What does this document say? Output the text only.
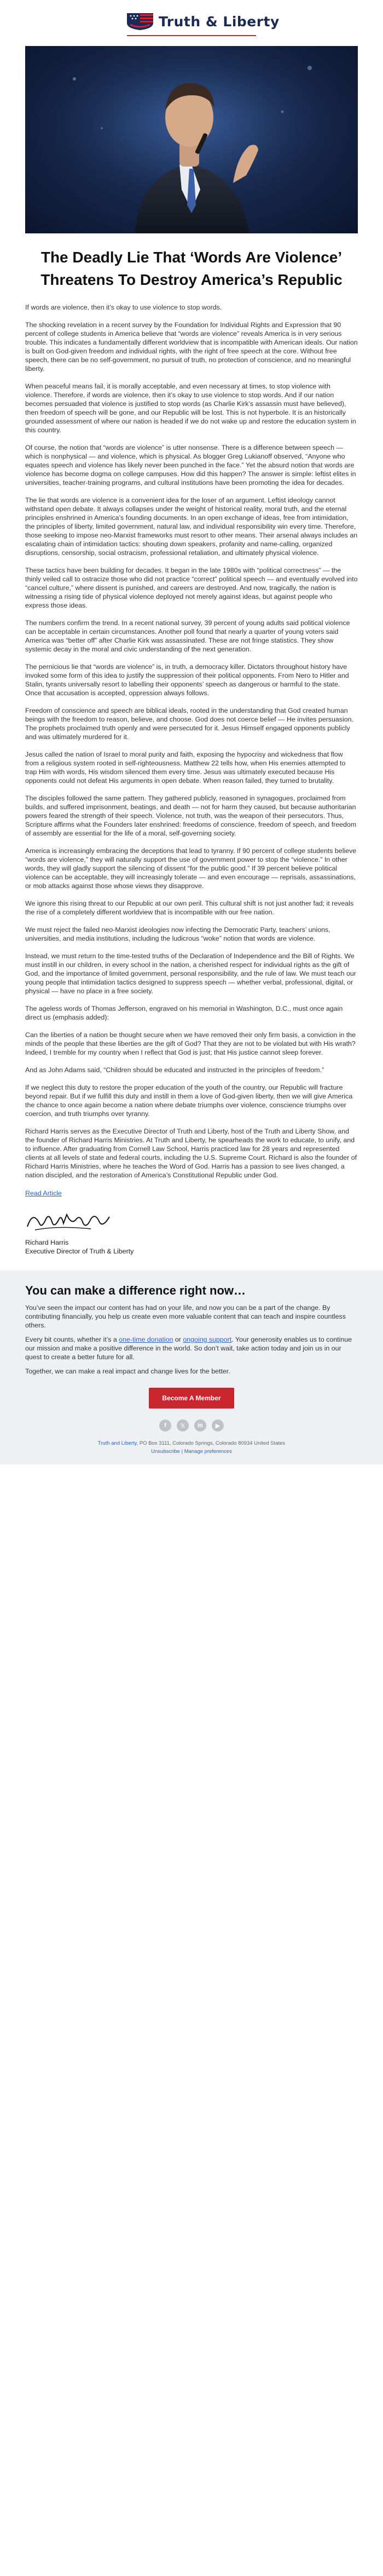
Truth & Liberty
The Deadly Lie That ‘Words Are Violence’ Threatens To Destroy America’s Republic

If words are violence, then it’s okay to use violence to stop words.

The shocking revelation in a recent survey by the Foundation for Individual Rights and Expression that 90 percent of college students in America believe that “words are violence” reveals America is in very serious trouble. This indicates a fundamentally different worldview that is incompatible with American ideals. Our nation is built on God-given freedom and individual rights, with the right of free speech at the core. Without free speech, there can be no self-government, no pursuit of truth, no protection of conscience, and no meaningful liberty.

When peaceful means fail, it is morally acceptable, and even necessary at times, to stop violence with violence. Therefore, if words are violence, then it’s okay to use violence to stop words. And if our nation becomes persuaded that violence is justified to stop words (as Charlie Kirk’s assassin must have believed), then freedom of speech will be gone, and our Republic will be lost. This is not hyperbole. It is an historically grounded assessment of where our nation is headed if we do not wake up and restore the education system in this country.

Of course, the notion that “words are violence” is utter nonsense. There is a difference between speech — which is nonphysical — and violence, which is physical. As blogger Greg Lukianoff observed, “Anyone who equates speech and violence has likely never been punched in the face.” Yet the absurd notion that words are violence has become dogma on college campuses. How did this happen? The answer is simple: leftist elites in universities, teacher-training programs, and cultural institutions have been promoting the idea for decades.

The lie that words are violence is a convenient idea for the loser of an argument. Leftist ideology cannot withstand open debate. It always collapses under the weight of historical reality, moral truth, and the eternal principles enshrined in America’s founding documents. In an open exchange of ideas, free from intimidation, the principles of liberty, limited government, natural law, and individual responsibility win every time. Therefore, those seeking to impose neo-Marxist frameworks must resort to other means. Their arsenal always includes an escalating chain of intimidation tactics: shouting down speakers, profanity and name-calling, organized disruptions, censorship, social ostracism, professional retaliation, and ultimately physical violence.

These tactics have been building for decades. It began in the late 1980s with “political correctness” — the thinly veiled call to ostracize those who did not practice “correct” political speech — and eventually evolved into “cancel culture,” where dissent is punished, and careers are destroyed. And now, tragically, the nation is witnessing a rising tide of physical violence deployed not merely against ideas, but against people who express those ideas.

The numbers confirm the trend. In a recent national survey, 39 percent of young adults said political violence can be acceptable in certain circumstances. Another poll found that nearly a quarter of young voters said America was “better off” after Charlie Kirk was assassinated. These are not fringe statistics. They show systemic decay in the moral and civic understanding of the next generation.

The pernicious lie that “words are violence” is, in truth, a democracy killer. Dictators throughout history have invoked some form of this idea to justify the suppression of their political opponents. From Nero to Hitler and Stalin, tyrants universally resort to labelling their opponents’ speech as dangerous or harmful to the state. Once that accusation is accepted, oppression always follows.

Freedom of conscience and speech are biblical ideals, rooted in the understanding that God created human beings with the freedom to reason, believe, and choose. God does not coerce belief — He invites persuasion. The prophets proclaimed truth openly and were persecuted for it. Jesus Himself engaged opponents publicly and was ultimately murdered for it.

Jesus called the nation of Israel to moral purity and faith, exposing the hypocrisy and wickedness that flow from a religious system rooted in self-righteousness. Matthew 22 tells how, when His enemies attempted to trap Him with words, His wisdom silenced them every time. Jesus was ultimately executed because His opponents could not defeat His arguments in open debate. When reason failed, they turned to brutality.

The disciples followed the same pattern. They gathered publicly, reasoned in synagogues, proclaimed from builds, and suffered imprisonment, beatings, and death — not for harm they caused, but because authoritarian powers feared the strength of their speech. Violence, not truth, was the weapon of their persecutors. Thus, Scripture affirms what the Founders later enshrined: freedoms of conscience, freedom of speech, and freedom of assembly are essential for the life of a moral, self-governing society.

America is increasingly embracing the deceptions that lead to tyranny. If 90 percent of college students believe “words are violence,” they will naturally support the use of government power to stop the “violence.” In other words, they will gladly support the silencing of dissent “for the public good.” If 39 percent believe political violence can be acceptable, they will increasingly tolerate — and even encourage — reprisals, assassinations, or mob attacks against those whose views they disapprove.

We ignore this rising threat to our Republic at our own peril. This cultural shift is not just another fad; it reveals the rise of a completely different worldview that is incompatible with our free nation.

We must reject the failed neo-Marxist ideologies now infecting the Democratic Party, teachers’ unions, universities, and media institutions, including the ludicrous “woke” notion that words are violence.

Instead, we must return to the time-tested truths of the Declaration of Independence and the Bill of Rights. We must instill in our children, in every school in the nation, a cherished respect for individual rights as the gift of God, and the importance of limited government, personal responsibility, and the rule of law. We must teach our young people that intimidation tactics designed to suppress speech — whether verbal, professional, digital, or physical — have no place in a free society.

The ageless words of Thomas Jefferson, engraved on his memorial in Washington, D.C., must once again direct us (emphasis added):

Can the liberties of a nation be thought secure when we have removed their only firm basis, a conviction in the minds of the people that these liberties are the gift of God? That they are not to be violated but with His wrath? Indeed, I tremble for my country when I reflect that God is just; that His justice cannot sleep forever.

And as John Adams said, “Children should be educated and instructed in the principles of freedom.”

If we neglect this duty to restore the proper education of the youth of the country, our Republic will fracture beyond repair. But if we fulfill this duty and instill in them a love of God-given liberty, then we will give America the chance to once again become a nation where debate triumphs over violence, conscience triumphs over coercion, and truth triumphs over tyranny.

Richard Harris serves as the Executive Director of Truth and Liberty, host of the Truth and Liberty Show, and the founder of Richard Harris Ministries. At Truth and Liberty, he spearheads the work to educate, to unify, and to influence. After graduating from Cornell Law School, Harris practiced law for 28 years and represented clients at all levels of state and federal courts, including the U.S. Supreme Court. Richard is also the founder of Richard Harris Ministries, where he teaches the Word of God. Harris has a passion to see lives changed, a nation discipled, and the restoration of America’s Constitutional Republic under God.

Read Article
Richard Harris
Executive Director of Truth & Liberty
You can make a difference right now…

You’ve seen the impact our content has had on your life, and now you can be a part of the change. By contributing financially, you help us create even more valuable content that can teach and inspire countless others.

Every bit counts, whether it’s a one-time donation or ongoing support. Your generosity enables us to continue our mission and make a positive difference in the world. So don’t wait, take action today and join us in our quest to create a better future for all.

Together, we can make a real impact and change lives for the better.

Become A Member
f	𝕏	in	▶
Truth and Liberty, PO Box 3111, Colorado Springs, Colorado 80934 United States
Unsubscribe | Manage preferences
